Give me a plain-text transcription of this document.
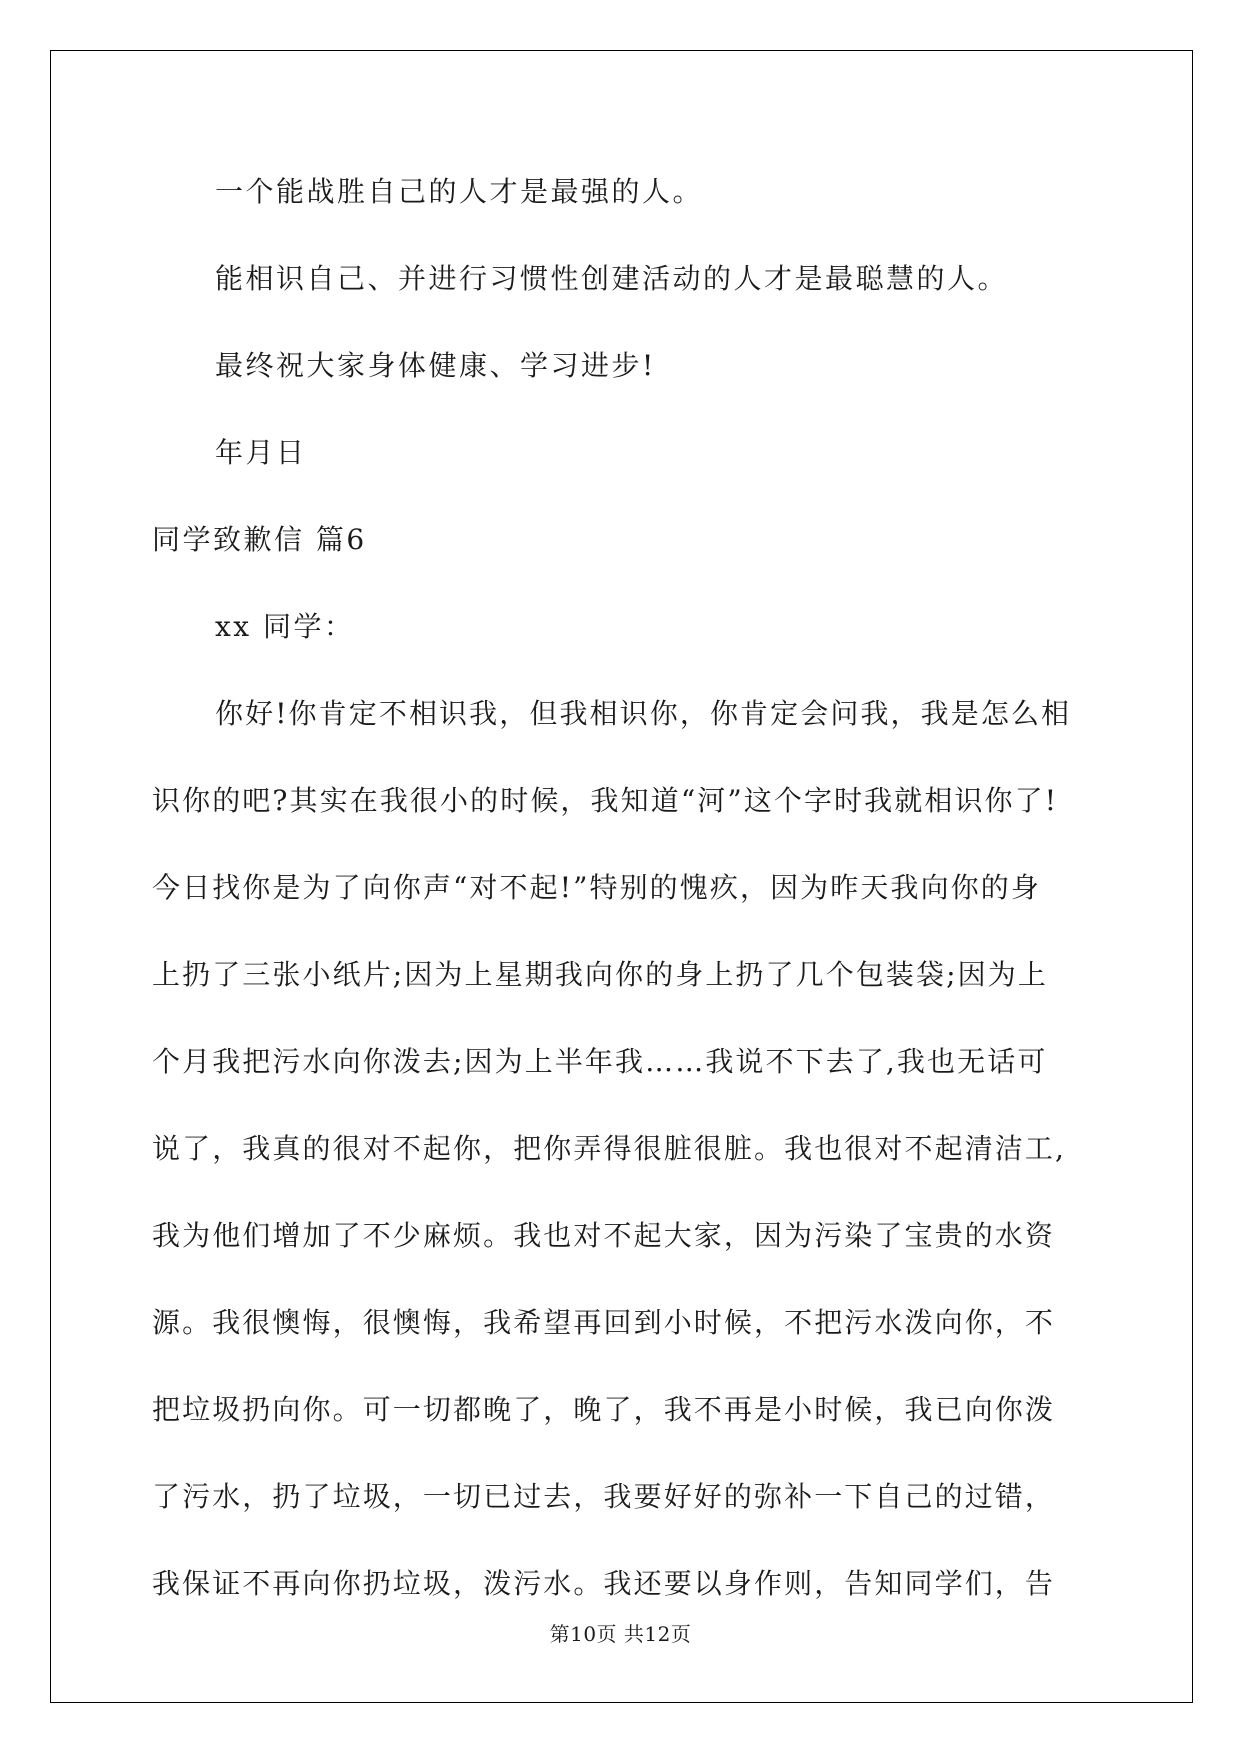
一个能战胜自己的人才是最强的人。
能相识自己、并进行习惯性创建活动的人才是最聪慧的人。
最终祝大家身体健康、学习进步!
年月日
同学致歉信 篇6
xx 同学：
你好!你肯定不相识我，但我相识你，你肯定会问我，我是怎么相
识你的吧?其实在我很小的时候，我知道“河”这个字时我就相识你了!
今日找你是为了向你声“对不起!”特别的愧疚，因为昨天我向你的身
上扔了三张小纸片;因为上星期我向你的身上扔了几个包装袋;因为上
个月我把污水向你泼去;因为上半年我……我说不下去了,我也无话可
说了，我真的很对不起你，把你弄得很脏很脏。我也很对不起清洁工,
我为他们增加了不少麻烦。我也对不起大家，因为污染了宝贵的水资
源。我很懊悔，很懊悔，我希望再回到小时候，不把污水泼向你，不
把垃圾扔向你。可一切都晚了，晚了，我不再是小时候，我已向你泼
了污水，扔了垃圾，一切已过去，我要好好的弥补一下自己的过错，
我保证不再向你扔垃圾，泼污水。我还要以身作则，告知同学们，告
第10页 共12页
